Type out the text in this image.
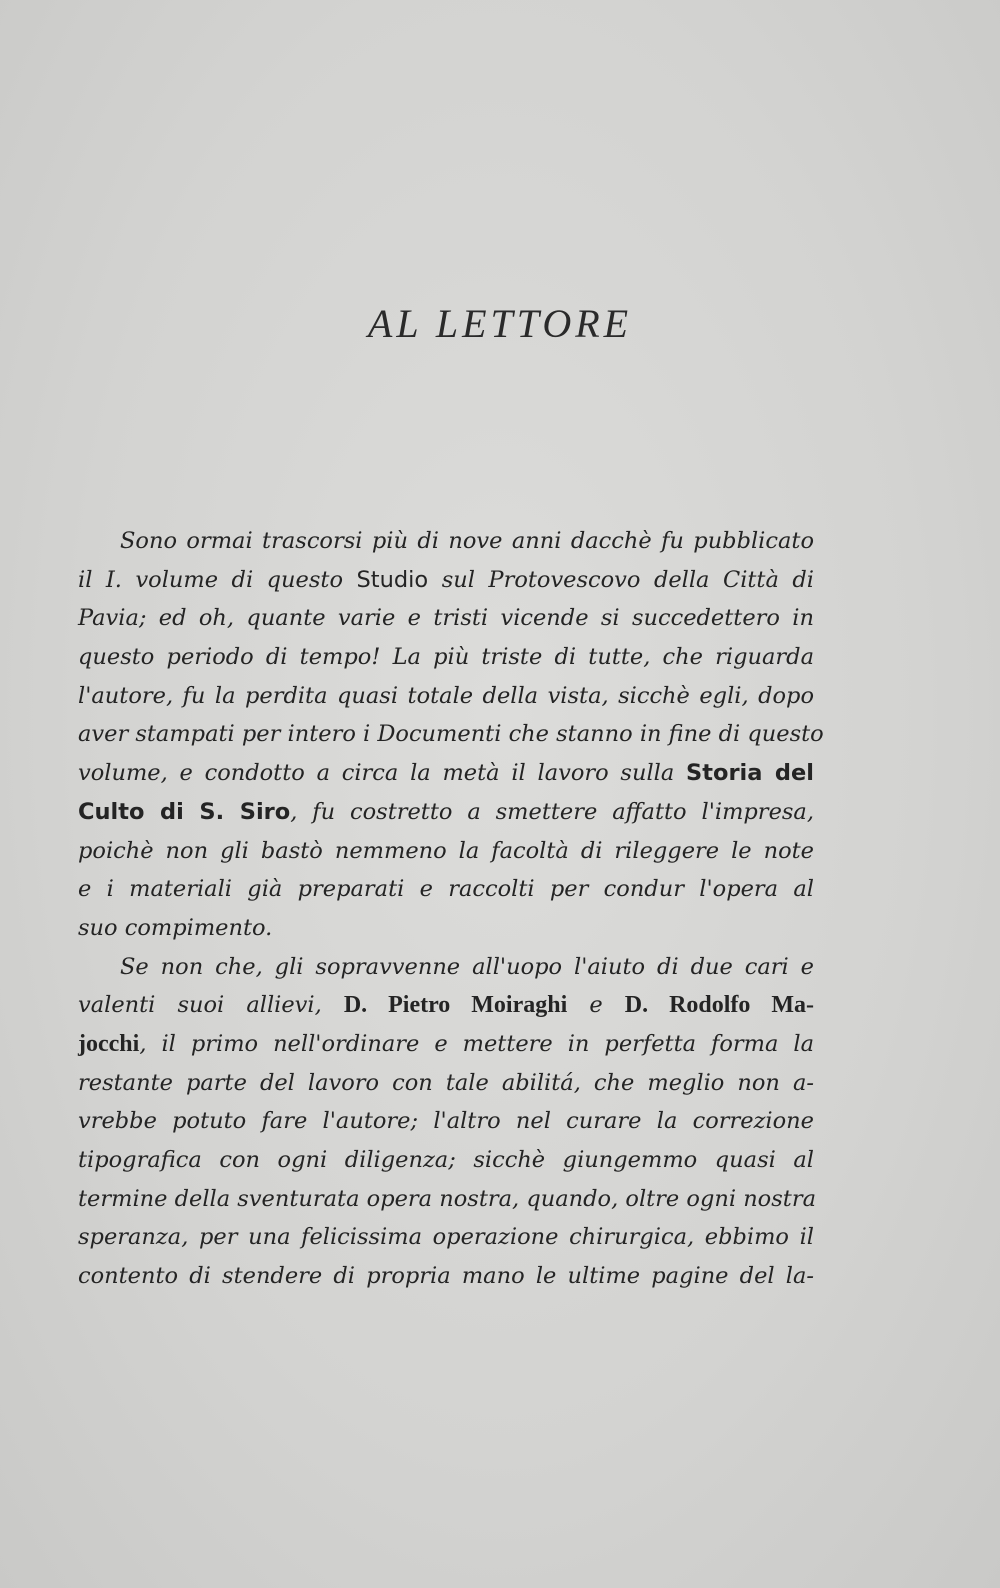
AL LETTORE
Sono ormai trascorsi più di nove anni dacchè fu pubblicato
il I. volume di questo Studio sul Protovescovo della Città di
Pavia; ed oh, quante varie e tristi vicende si succedettero in
questo periodo di tempo! La più triste di tutte, che riguarda
l'autore, fu la perdita quasi totale della vista, sicchè egli, dopo
aver stampati per intero i Documenti che stanno in fine di questo
volume, e condotto a circa la metà il lavoro sulla Storia del
Culto di S. Siro, fu costretto a smettere affatto l'impresa,
poichè non gli bastò nemmeno la facoltà di rileggere le note
e i materiali già preparati e raccolti per condur l'opera al
suo compimento.
Se non che, gli sopravvenne all'uopo l'aiuto di due cari e
valenti suoi allievi, D. Pietro Moiraghi e D. Rodolfo Ma-
jocchi, il primo nell'ordinare e mettere in perfetta forma la
restante parte del lavoro con tale abilitá, che meglio non a-
vrebbe potuto fare l'autore; l'altro nel curare la correzione
tipografica con ogni diligenza; sicchè giungemmo quasi al
termine della sventurata opera nostra, quando, oltre ogni nostra
speranza, per una felicissima operazione chirurgica, ebbimo il
contento di stendere di propria mano le ultime pagine del la-
